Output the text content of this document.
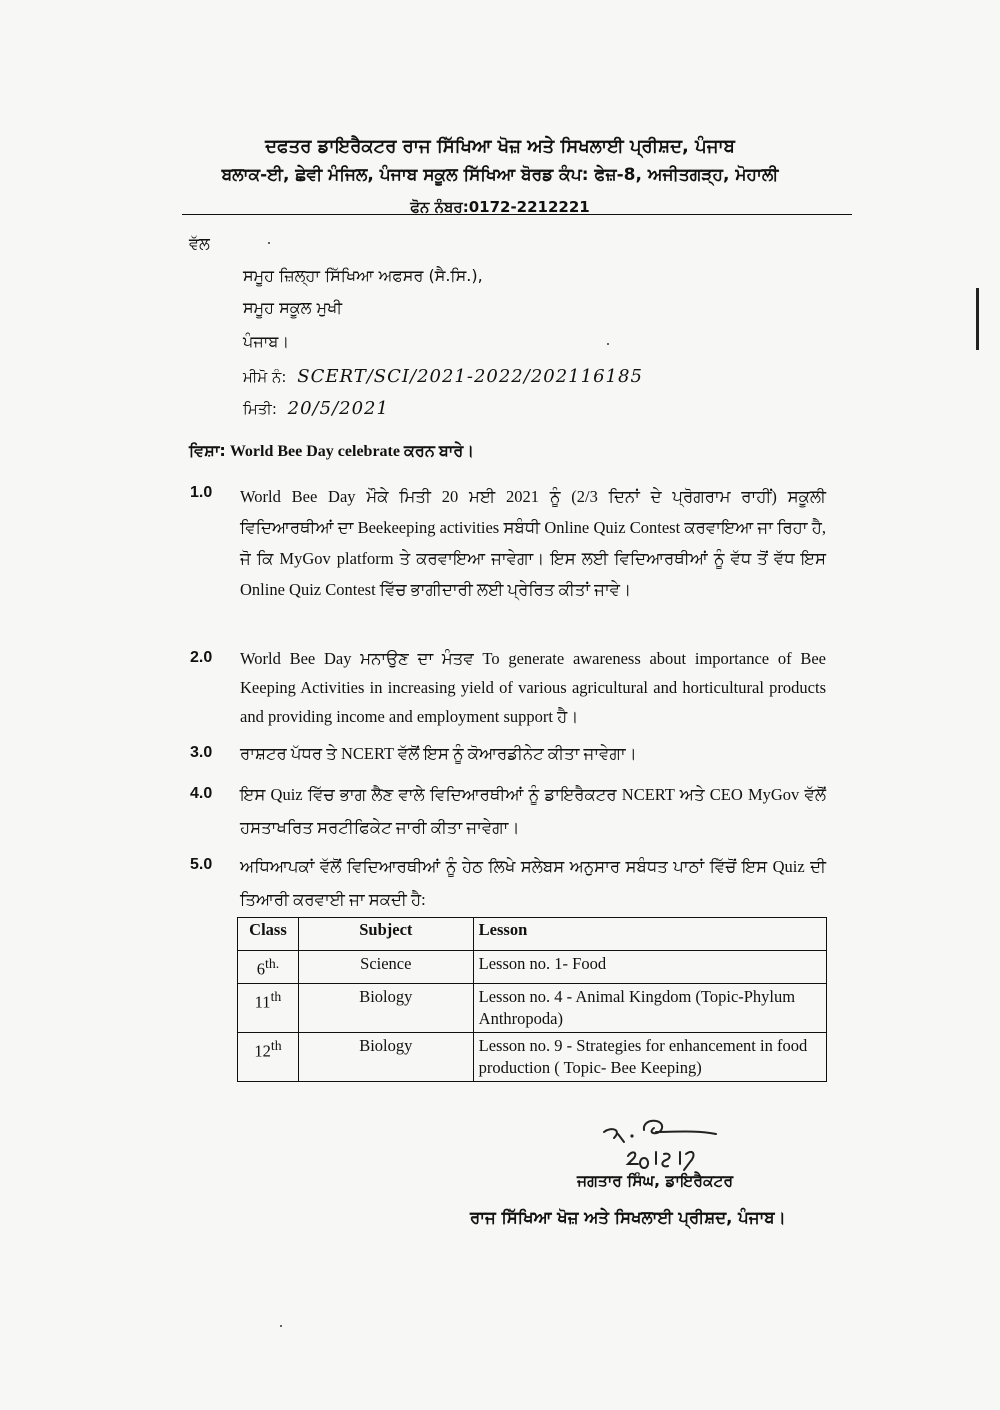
ਦਫਤਰ ਡਾਇਰੈਕਟਰ ਰਾਜ ਸਿੱਖਿਆ ਖੋਜ਼ ਅਤੇ ਸਿਖਲਾਈ ਪ੍ਰੀਸ਼ਦ, ਪੰਜਾਬ
ਬਲਾਕ-ਈ, ਛੇਵੀ ਮੰਜਿਲ, ਪੰਜਾਬ ਸਕੂਲ ਸਿੱਖਿਆ ਬੋਰਡ ਕੰਪ: ਫੇਜ਼-8, ਅਜੀਤਗੜ੍ਹ, ਮੋਹਾਲੀ
ਫੋਨ ਨੰਬਰ:0172-2212221
ਵੱਲ
ਸਮੂਹ ਜ਼ਿਲ੍ਹਾ ਸਿੱਖਿਆ ਅਫਸਰ (ਸੈ.ਸਿ.),
ਸਮੂਹ ਸਕੂਲ ਮੁਖੀ
ਪੰਜਾਬ।
ਮੀਮੋ ਨੰ: SCERT/SCI/2021-2022/202116185
ਮਿਤੀ: 20/5/2021
ਵਿਸ਼ਾ: World Bee Day celebrate ਕਰਨ ਬਾਰੇ।
1.0 World Bee Day ਮੌਕੇ ਮਿਤੀ 20 ਮਈ 2021 ਨੂੰ (2/3 ਦਿਨਾਂ ਦੇ ਪ੍ਰੋਗਰਾਮ ਰਾਹੀਂ) ਸਕੂਲੀ ਵਿਦਿਆਰਥੀਆਂ ਦਾ Beekeeping activities ਸਬੰਧੀ Online Quiz Contest ਕਰਵਾਇਆ ਜਾ ਰਿਹਾ ਹੈ, ਜੋ ਕਿ MyGov platform ਤੇ ਕਰਵਾਇਆ ਜਾਵੇਗਾ। ਇਸ ਲਈ ਵਿਦਿਆਰਥੀਆਂ ਨੂੰ ਵੱਧ ਤੋਂ ਵੱਧ ਇਸ Online Quiz Contest ਵਿੱਚ ਭਾਗੀਦਾਰੀ ਲਈ ਪ੍ਰੇਰਿਤ ਕੀਤਾਂ ਜਾਵੇ।
2.0 World Bee Day ਮਨਾਉਣ ਦਾ ਮੰਤਵ To generate awareness about importance of Bee Keeping Activities in increasing yield of various agricultural and horticultural products and providing income and employment support ਹੈ।
3.0 ਰਾਸ਼ਟਰ ਪੱਧਰ ਤੇ NCERT ਵੱਲੋਂ ਇਸ ਨੂੰ ਕੋਆਰਡੀਨੇਟ ਕੀਤਾ ਜਾਵੇਗਾ।
4.0 ਇਸ Quiz ਵਿੱਚ ਭਾਗ ਲੈਣ ਵਾਲੇ ਵਿਦਿਆਰਥੀਆਂ ਨੂੰ ਡਾਇਰੈਕਟਰ NCERT ਅਤੇ CEO MyGov ਵੱਲੋਂ ਹਸਤਾਖਰਿਤ ਸਰਟੀਫਿਕੇਟ ਜਾਰੀ ਕੀਤਾ ਜਾਵੇਗਾ।
5.0 ਅਧਿਆਪਕਾਂ ਵੱਲੋਂ ਵਿਦਿਆਰਥੀਆਂ ਨੂੰ ਹੇਠ ਲਿਖੇ ਸਲੇਬਸ ਅਨੁਸਾਰ ਸਬੰਧਤ ਪਾਠਾਂ ਵਿੱਚੋਂ ਇਸ Quiz ਦੀ ਤਿਆਰੀ ਕਰਵਾਈ ਜਾ ਸਕਦੀ ਹੈ:
Class	Subject	Lesson
$6^{th.}$	Science	Lesson no. 1- Food
11th	Biology	Lesson no. 4 - Animal Kingdom (Topic-Phylum Anthropoda)
12th	Biology	Lesson no. 9 - Strategies for enhancement in food production ( Topic- Bee Keeping)
ਜਗਤਾਰ ਸਿੰਘ, ਡਾਇਰੈਕਟਰ
ਰਾਜ ਸਿੱਖਿਆ ਖੋਜ਼ ਅਤੇ ਸਿਖਲਾਈ ਪ੍ਰੀਸ਼ਦ, ਪੰਜਾਬ।
